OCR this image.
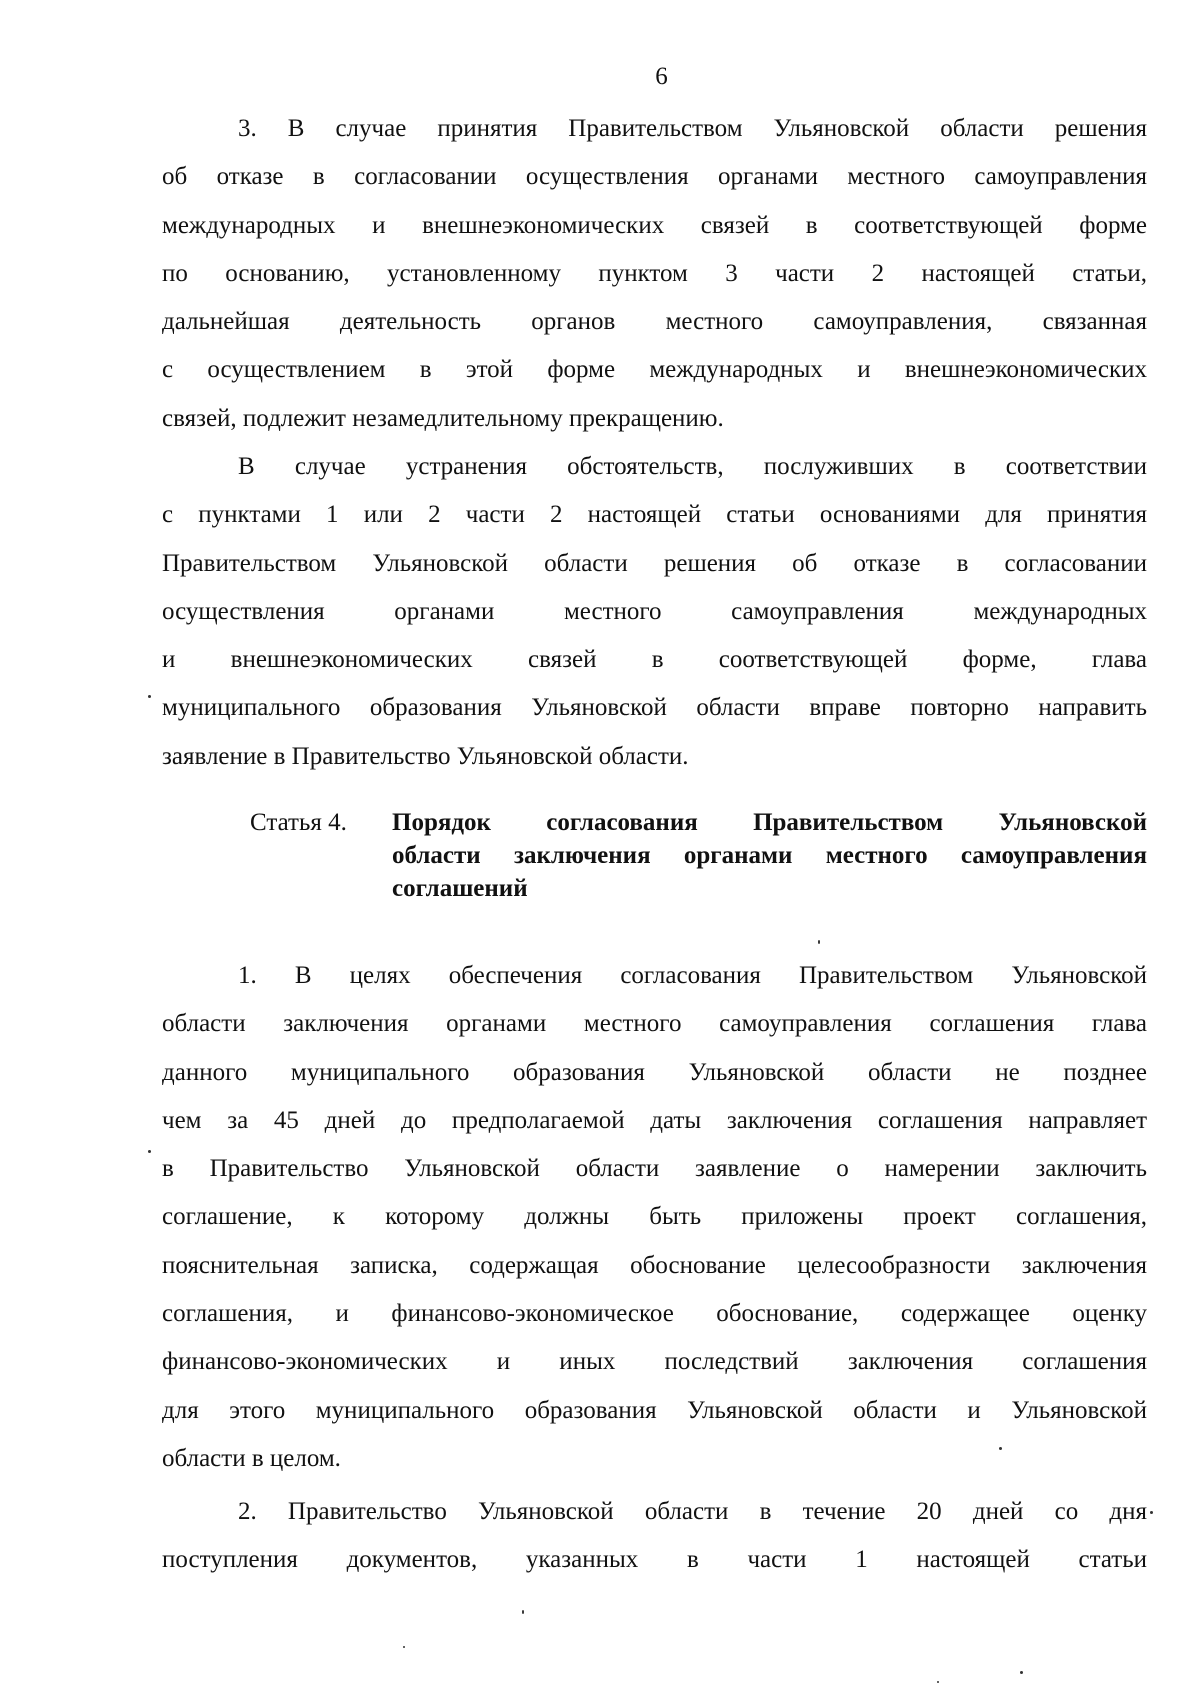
6
3. В случае принятия Правительством Ульяновской области решения
об отказе в согласовании осуществления органами местного самоуправления
международных и внешнеэкономических связей в соответствующей форме
по основанию, установленному пунктом 3 части 2 настоящей статьи,
дальнейшая деятельность органов местного самоуправления, связанная
с осуществлением в этой форме международных и внешнеэкономических
связей, подлежит незамедлительному прекращению.
В случае устранения обстоятельств, послуживших в соответствии
с пунктами 1 или 2 части 2 настоящей статьи основаниями для принятия
Правительством Ульяновской области решения об отказе в согласовании
осуществления органами местного самоуправления международных
и внешнеэкономических связей в соответствующей форме, глава
муниципального образования Ульяновской области вправе повторно направить
заявление в Правительство Ульяновской области.
Статья 4.	Порядок согласования Правительством Ульяновской
области заключения органами местного самоуправления
соглашений
1. В целях обеспечения согласования Правительством Ульяновской
области заключения органами местного самоуправления соглашения глава
данного муниципального образования Ульяновской области не позднее
чем за 45 дней до предполагаемой даты заключения соглашения направляет
в Правительство Ульяновской области заявление о намерении заключить
соглашение, к которому должны быть приложены проект соглашения,
пояснительная записка, содержащая обоснование целесообразности заключения
соглашения, и финансово-экономическое обоснование, содержащее оценку
финансово-экономических и иных последствий заключения соглашения
для этого муниципального образования Ульяновской области и Ульяновской
области в целом.
2. Правительство Ульяновской области в течение 20 дней со дня
поступления документов, указанных в части 1 настоящей статьи
